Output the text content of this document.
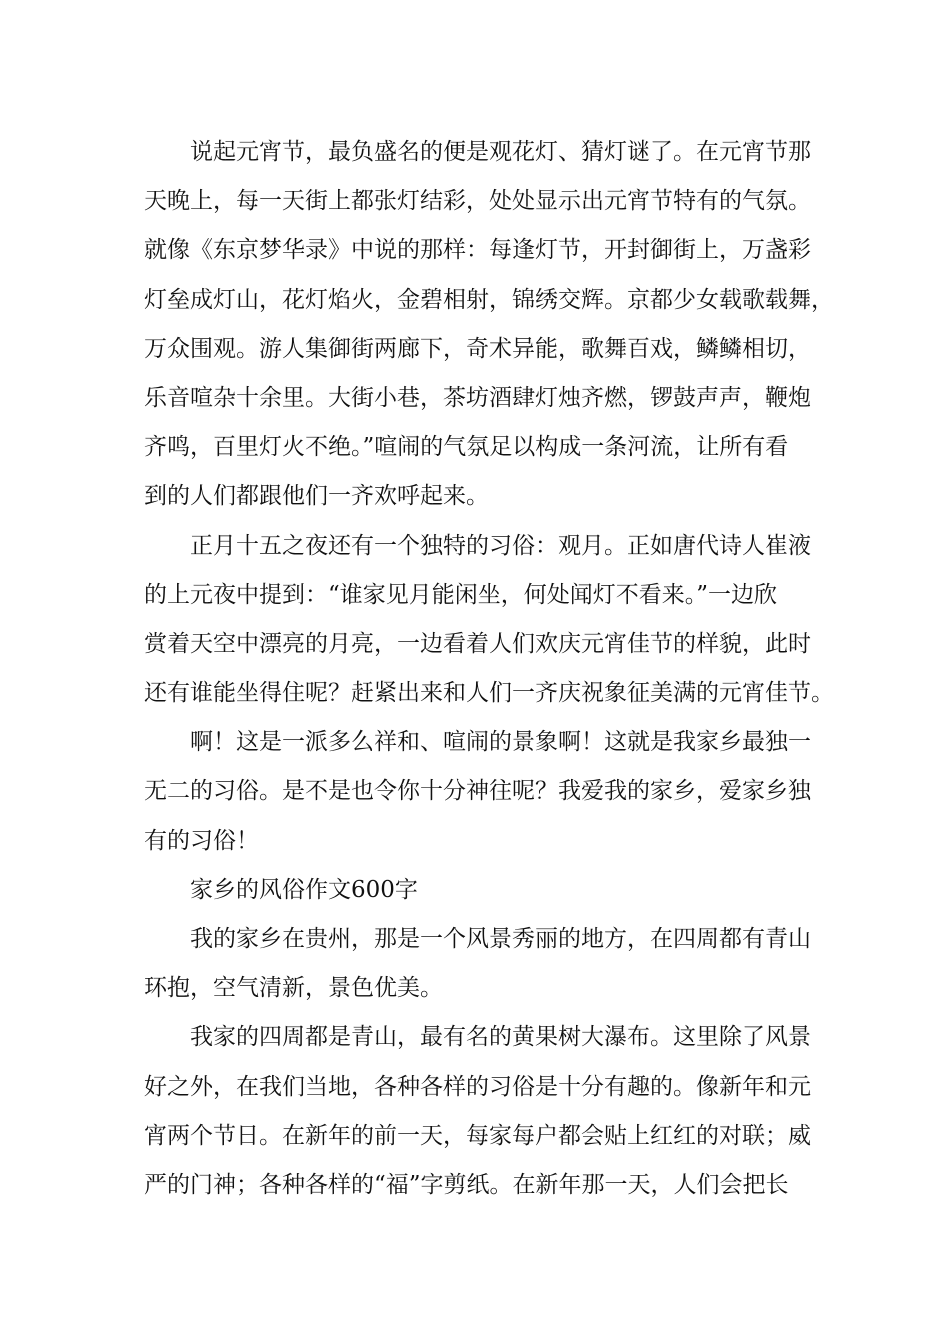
说起元宵节，最负盛名的便是观花灯、猜灯谜了。在元宵节那
天晚上，每一天街上都张灯结彩，处处显示出元宵节特有的气氛。
就像《东京梦华录》中说的那样：每逢灯节，开封御街上，万盏彩
灯垒成灯山，花灯焰火，金碧相射，锦绣交辉。京都少女载歌载舞，
万众围观。游人集御街两廊下，奇术异能，歌舞百戏，鳞鳞相切，
乐音喧杂十余里。大街小巷，茶坊酒肆灯烛齐燃，锣鼓声声，鞭炮
齐鸣，百里灯火不绝。”喧闹的气氛足以构成一条河流，让所有看
到的人们都跟他们一齐欢呼起来。
正月十五之夜还有一个独特的习俗：观月。正如唐代诗人崔液
的上元夜中提到：“谁家见月能闲坐，何处闻灯不看来。”一边欣
赏着天空中漂亮的月亮，一边看着人们欢庆元宵佳节的样貌，此时
还有谁能坐得住呢？赶紧出来和人们一齐庆祝象征美满的元宵佳节。
啊！这是一派多么祥和、喧闹的景象啊！这就是我家乡最独一
无二的习俗。是不是也令你十分神往呢？我爱我的家乡，爱家乡独
有的习俗！
家乡的风俗作文600字
我的家乡在贵州，那是一个风景秀丽的地方，在四周都有青山
环抱，空气清新，景色优美。
我家的四周都是青山，最有名的黄果树大瀑布。这里除了风景
好之外，在我们当地，各种各样的习俗是十分有趣的。像新年和元
宵两个节日。在新年的前一天，每家每户都会贴上红红的对联；威
严的门神；各种各样的“福”字剪纸。在新年那一天，人们会把长
